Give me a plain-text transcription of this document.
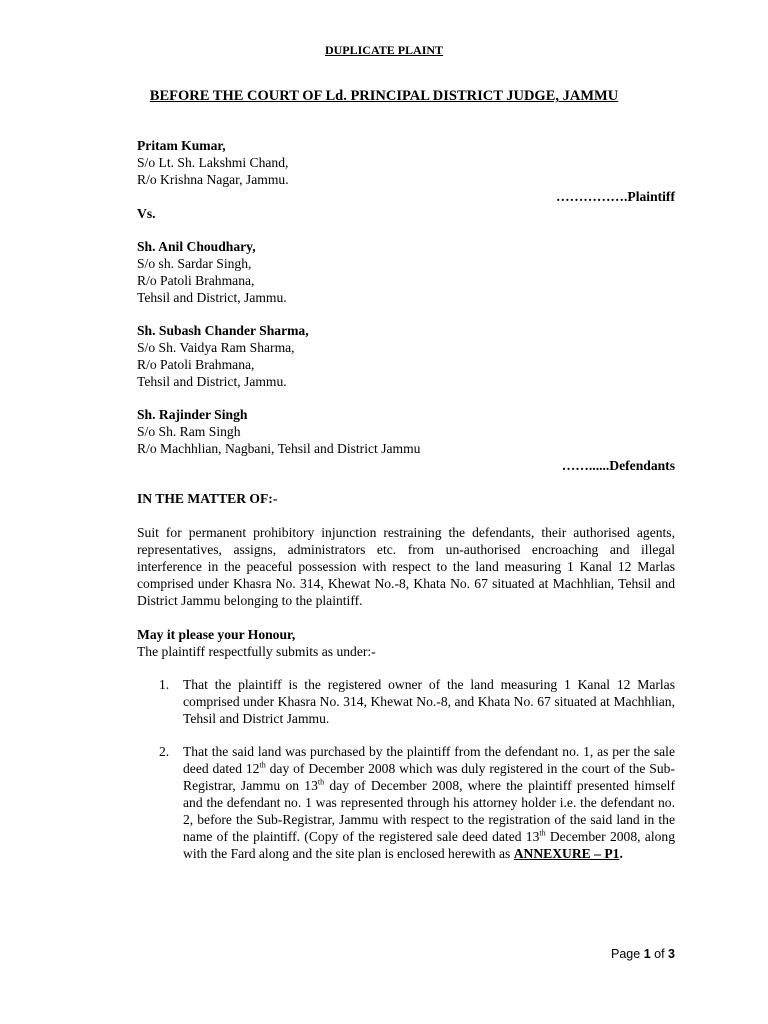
DUPLICATE PLAINT
BEFORE THE COURT OF Ld. PRINCIPAL DISTRICT JUDGE, JAMMU
Pritam Kumar,
S/o Lt. Sh. Lakshmi Chand,
R/o Krishna Nagar, Jammu.
…………….Plaintiff
Vs.
Sh. Anil Choudhary,
S/o sh. Sardar Singh,
R/o Patoli Brahmana,
Tehsil and District, Jammu.
Sh. Subash Chander Sharma,
S/o Sh. Vaidya Ram Sharma,
R/o Patoli Brahmana,
Tehsil and District, Jammu.
Sh. Rajinder Singh
S/o Sh. Ram Singh
R/o Machhlian, Nagbani, Tehsil and District Jammu
……......Defendants
IN THE MATTER OF:-
Suit for permanent prohibitory injunction restraining the defendants, their authorised agents, representatives, assigns, administrators etc. from un-authorised encroaching and illegal interference in the peaceful possession with respect to the land measuring 1 Kanal 12 Marlas comprised under Khasra No. 314, Khewat No.-8, Khata No. 67 situated at Machhlian, Tehsil and District Jammu belonging to the plaintiff.
May it please your Honour,
The plaintiff respectfully submits as under:-
1. That the plaintiff is the registered owner of the land measuring 1 Kanal 12 Marlas comprised under Khasra No. 314, Khewat No.-8, and Khata No. 67 situated at Machhlian, Tehsil and District Jammu.
2. That the said land was purchased by the plaintiff from the defendant no. 1, as per the sale deed dated 12th day of December 2008 which was duly registered in the court of the Sub-Registrar, Jammu on 13th day of December 2008, where the plaintiff presented himself and the defendant no. 1 was represented through his attorney holder i.e. the defendant no. 2, before the Sub-Registrar, Jammu with respect to the registration of the said land in the name of the plaintiff. (Copy of the registered sale deed dated 13th December 2008, along with the Fard along and the site plan is enclosed herewith as ANNEXURE – P1.
Page 1 of 3
